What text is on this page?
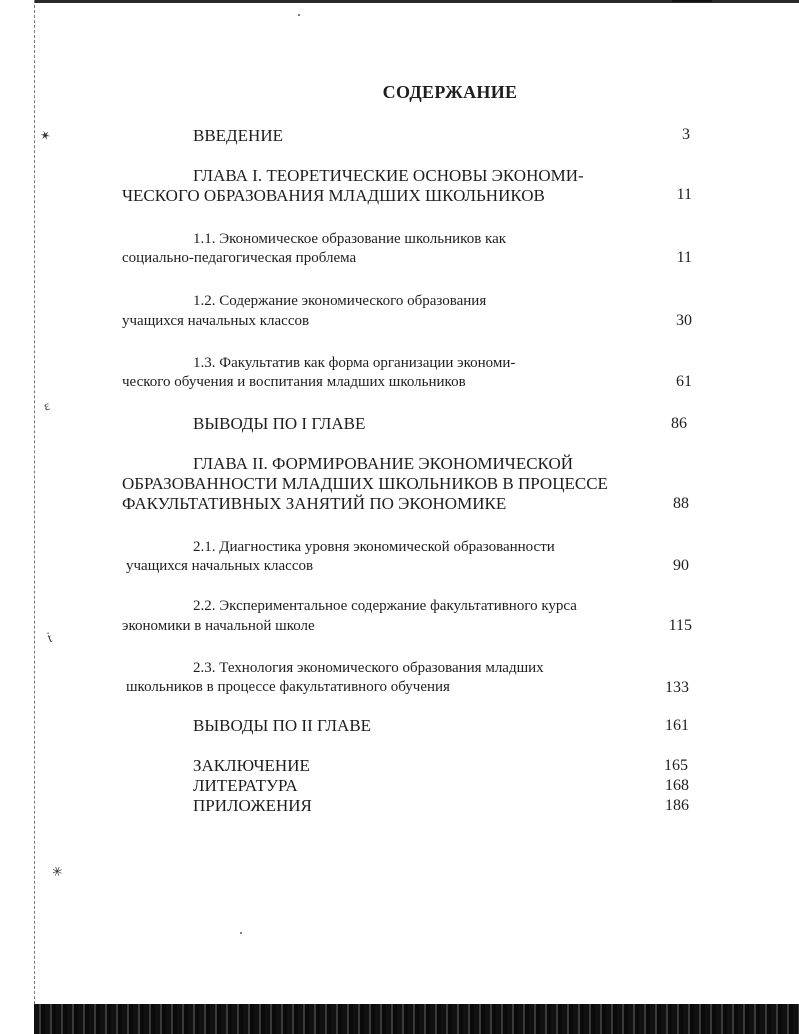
✶
ɛ
ṫ
✳
СОДЕРЖАНИЕ
ВВЕДЕНИЕ	3
ГЛАВА I. ТЕОРЕТИЧЕСКИЕ ОСНОВЫ ЭКОНОМИ-
ЧЕСКОГО ОБРАЗОВАНИЯ МЛАДШИХ ШКОЛЬНИКОВ	11
1.1. Экономическое образование школьников как
социально-педагогическая проблема	11
1.2. Содержание экономического образования
учащихся начальных классов	30
1.3. Факультатив как форма организации экономи-
ческого обучения и воспитания младших школьников	61
ВЫВОДЫ ПО I ГЛАВЕ	86
ГЛАВА II. ФОРМИРОВАНИЕ ЭКОНОМИЧЕСКОЙ
ОБРАЗОВАННОСТИ МЛАДШИХ ШКОЛЬНИКОВ В ПРОЦЕССЕ
ФАКУЛЬТАТИВНЫХ ЗАНЯТИЙ ПО ЭКОНОМИКЕ	88
2.1. Диагностика уровня экономической образованности
учащихся начальных классов	90
2.2. Экспериментальное содержание факультативного курса
экономики в начальной школе	115
2.3. Технология экономического образования младших
школьников в процессе факультативного обучения	133
ВЫВОДЫ ПО II ГЛАВЕ	161
ЗАКЛЮЧЕНИЕ	165
ЛИТЕРАТУРА	168
ПРИЛОЖЕНИЯ	186
